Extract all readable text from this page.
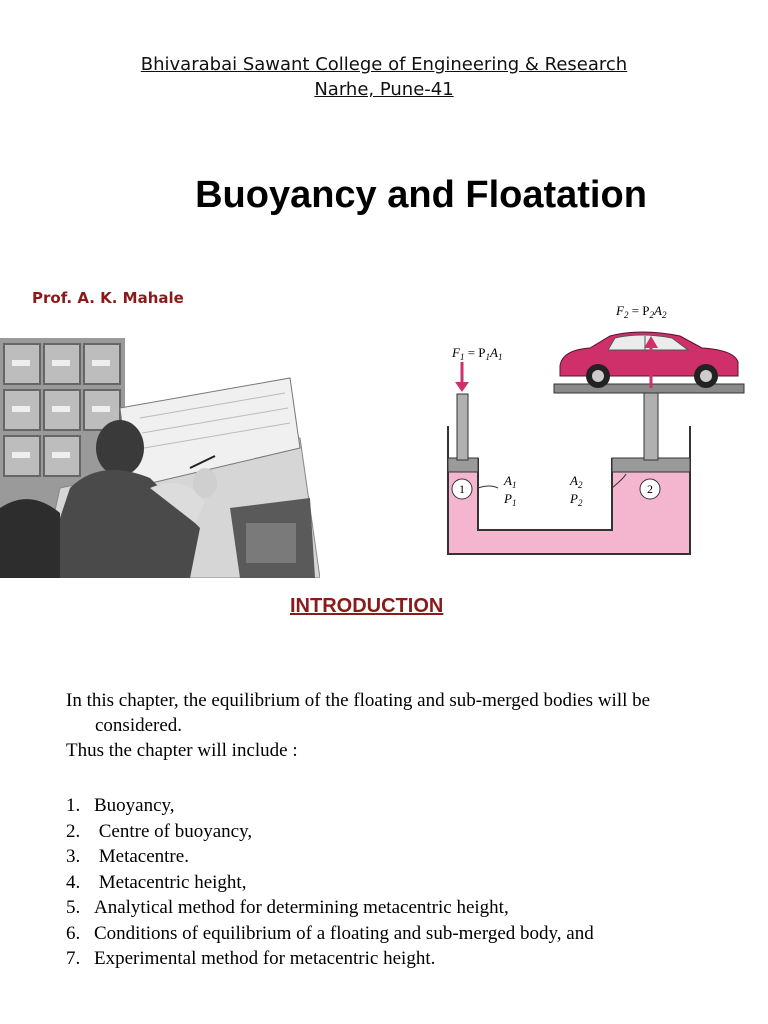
Bhivarabai Sawant College of Engineering & Research
Narhe, Pune-41
Buoyancy and Floatation
Prof. A. K. Mahale
$F_1 = P_1A_1$
$F_2 = P_2A_2$
$A_1$
$P_1$
$A_2$
$P_2$
1	2
INTRODUCTION

In this chapter, the equilibrium of the floating and sub-merged bodies will be

considered.

Thus the chapter will include :

1. Buoyancy,
2. Centre of buoyancy,
3. Metacentre.
4. Metacentric height,
5. Analytical method for determining metacentric height,
6. Conditions of equilibrium of a floating and sub-merged body, and
7. Experimental method for metacentric height.
